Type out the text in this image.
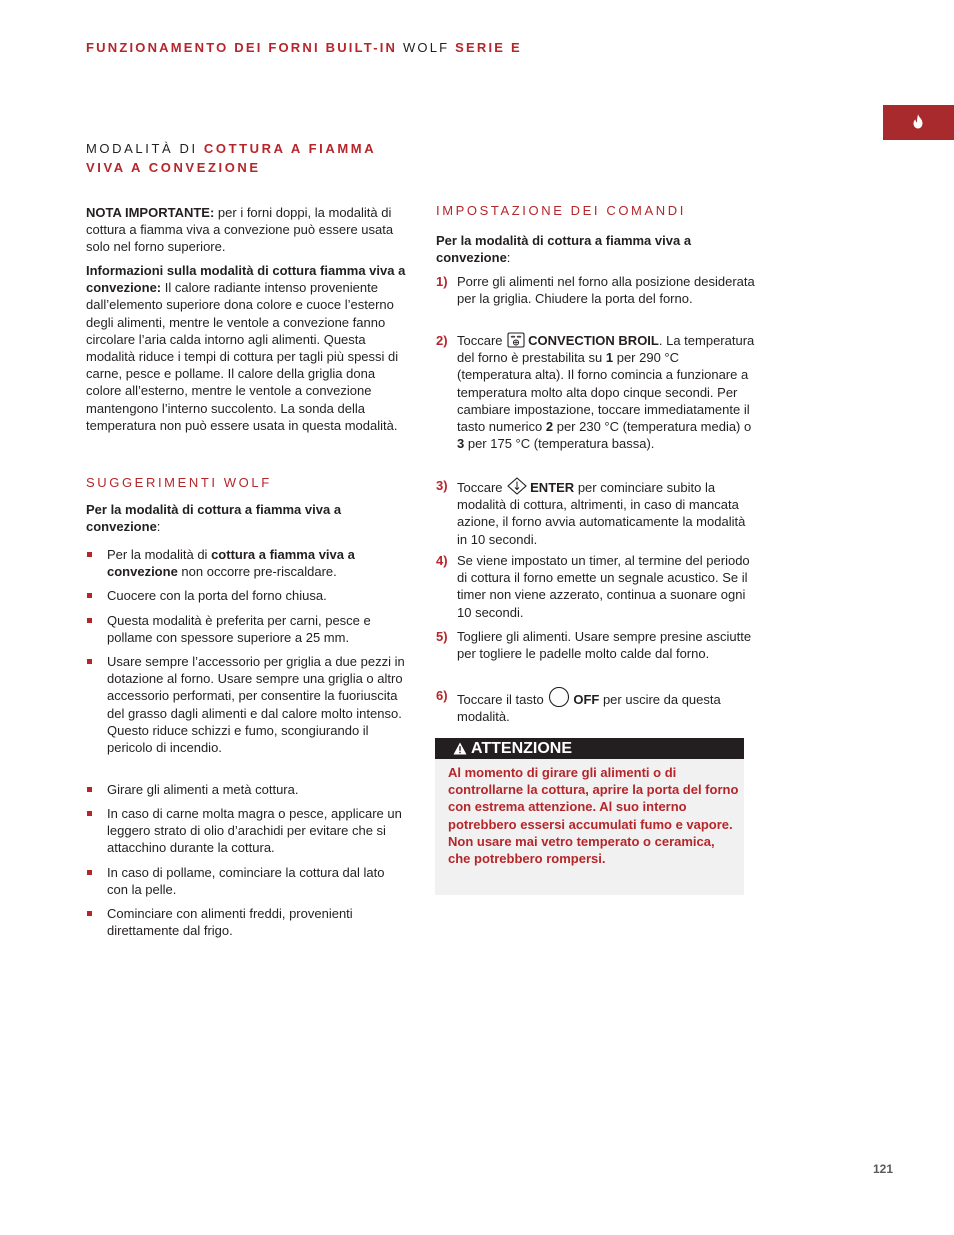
FUNZIONAMENTO DEI FORNI BUILT-IN WOLF SERIE E
MODALITÀ DI COTTURA A FIAMMA
VIVA A CONVEZIONE
NOTA IMPORTANTE: per i forni doppi, la modalità di cottura a fiamma viva a convezione può essere usata solo nel forno superiore.
Informazioni sulla modalità di cottura fiamma viva a convezione: Il calore radiante intenso proveniente dall’elemento superiore dona colore e cuoce l’esterno degli alimenti, mentre le ventole a convezione fanno circolare l’aria calda intorno agli alimenti. Questa modalità riduce i tempi di cottura per tagli più spessi di carne, pesce e pollame. Il calore della griglia dona colore all’esterno, mentre le ventole a convezione mantengono l’interno succolento. La sonda della temperatura non può essere usata in questa modalità.
SUGGERIMENTI WOLF
Per la modalità di cottura a fiamma viva a convezione:
Per la modalità di cottura a fiamma viva a convezione non occorre pre-riscaldare.
Cuocere con la porta del forno chiusa.
Questa modalità è preferita per carni, pesce e pollame con spessore superiore a 25 mm.
Usare sempre l’accessorio per griglia a due pezzi in dotazione al forno. Usare sempre una griglia o altro accessorio performati, per consentire la fuoriuscita del grasso dagli alimenti e dal calore molto intenso. Questo riduce schizzi e fumo, scongiurando il pericolo di incendio.
Girare gli alimenti a metà cottura.
In caso di carne molta magra o pesce, applicare un leggero strato di olio d’arachidi per evitare che si attacchino durante la cottura.
In caso di pollame, cominciare la cottura dal lato con la pelle.
Cominciare con alimenti freddi, provenienti direttamente dal frigo.
IMPOSTAZIONE DEI COMANDI
Per la modalità di cottura a fiamma viva a convezione:
1) Porre gli alimenti nel forno alla posizione desiderata per la griglia. Chiudere la porta del forno.
2) Toccare CONVECTION BROIL. La temperatura del forno è prestabilita su 1 per 290 °C (temperatura alta). Il forno comincia a funzionare a temperatura molto alta dopo cinque secondi. Per cambiare impostazione, toccare immediatamente il tasto numerico 2 per 230 °C (temperatura media) o 3 per 175 °C (temperatura bassa).
3) Toccare ENTER per cominciare subito la modalità di cottura, altrimenti, in caso di mancata azione, il forno avvia automaticamente la modalità in 10 secondi.
4) Se viene impostato un timer, al termine del periodo di cottura il forno emette un segnale acustico. Se il timer non viene azzerato, continua a suonare ogni 10 secondi.
5) Togliere gli alimenti. Usare sempre presine asciutte per togliere le padelle molto calde dal forno.
6) Toccare il tasto OFF per uscire da questa modalità.
ATTENZIONE
Al momento di girare gli alimenti o di controllarne la cottura, aprire la porta del forno con estrema attenzione. Al suo interno potrebbero essersi accumulati fumo e vapore. Non usare mai vetro temperato o ceramica, che potrebbero rompersi.
121
